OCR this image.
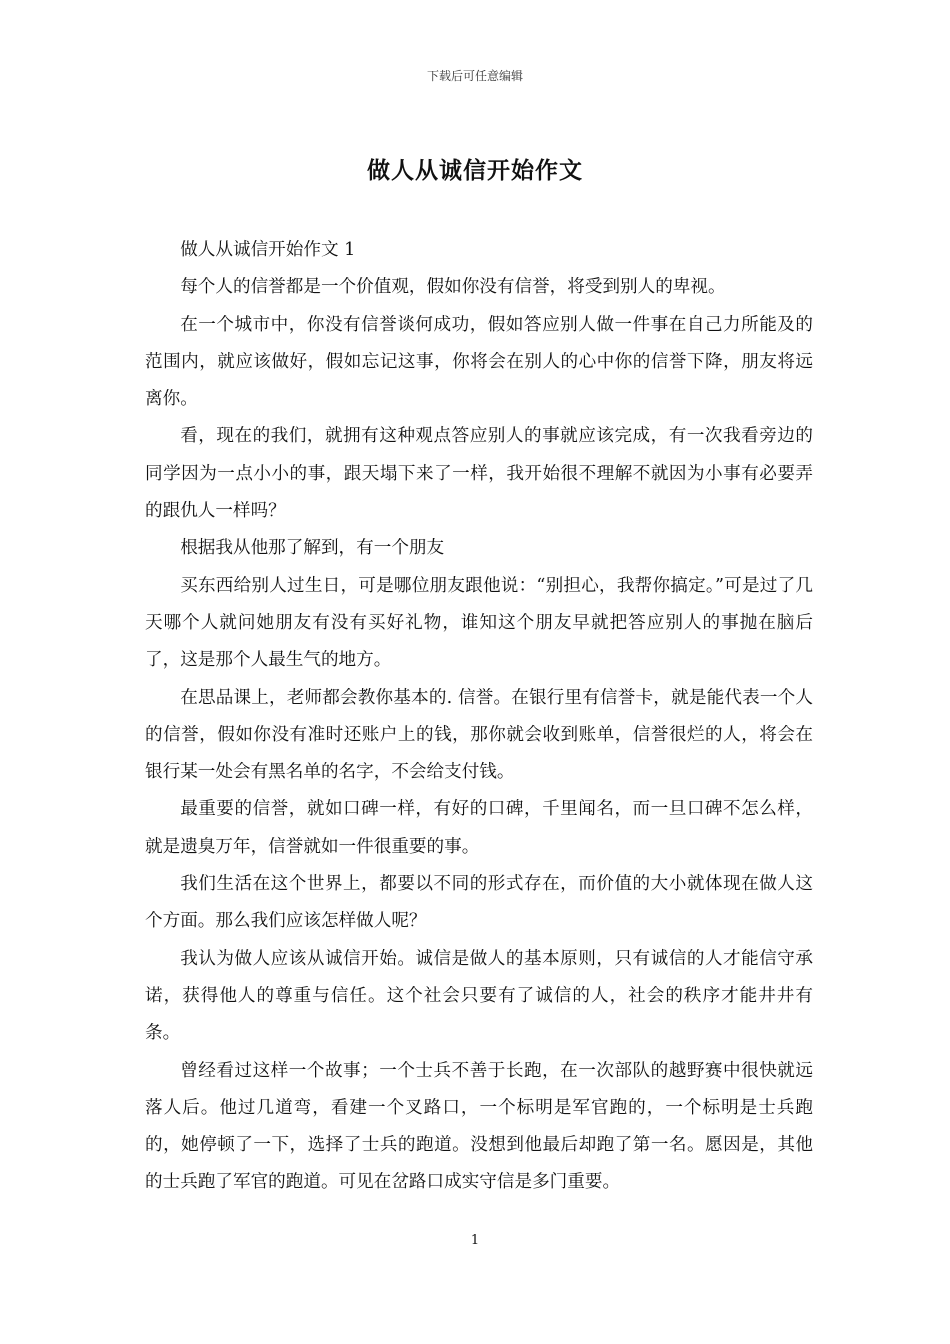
下载后可任意编辑
做人从诚信开始作文

做人从诚信开始作文 1

每个人的信誉都是一个价值观，假如你没有信誉，将受到别人的卑视。

在一个城市中，你没有信誉谈何成功，假如答应别人做一件事在自己力所能及的范围内，就应该做好，假如忘记这事，你将会在别人的心中你的信誉下降，朋友将远离你。

看，现在的我们，就拥有这种观点答应别人的事就应该完成，有一次我看旁边的同学因为一点小小的事，跟天塌下来了一样，我开始很不理解不就因为小事有必要弄的跟仇人一样吗？

根据我从他那了解到，有一个朋友

买东西给别人过生日，可是哪位朋友跟他说：“别担心，我帮你搞定。”可是过了几天哪个人就问她朋友有没有买好礼物，谁知这个朋友早就把答应别人的事抛在脑后了，这是那个人最生气的地方。

在思品课上，老师都会教你基本的. 信誉。在银行里有信誉卡，就是能代表一个人的信誉，假如你没有准时还账户上的钱，那你就会收到账单，信誉很烂的人，将会在银行某一处会有黑名单的名字，不会给支付钱。

最重要的信誉，就如口碑一样，有好的口碑，千里闻名，而一旦口碑不怎么样，就是遗臭万年，信誉就如一件很重要的事。

我们生活在这个世界上，都要以不同的形式存在，而价值的大小就体现在做人这个方面。那么我们应该怎样做人呢？

我认为做人应该从诚信开始。诚信是做人的基本原则，只有诚信的人才能信守承诺，获得他人的尊重与信任。这个社会只要有了诚信的人，社会的秩序才能井井有条。

曾经看过这样一个故事；一个士兵不善于长跑，在一次部队的越野赛中很快就远落人后。他过几道弯，看建一个叉路口，一个标明是军官跑的，一个标明是士兵跑的，她停顿了一下，选择了士兵的跑道。没想到他最后却跑了第一名。愿因是，其他的士兵跑了军官的跑道。可见在岔路口成实守信是多门重要。

1
